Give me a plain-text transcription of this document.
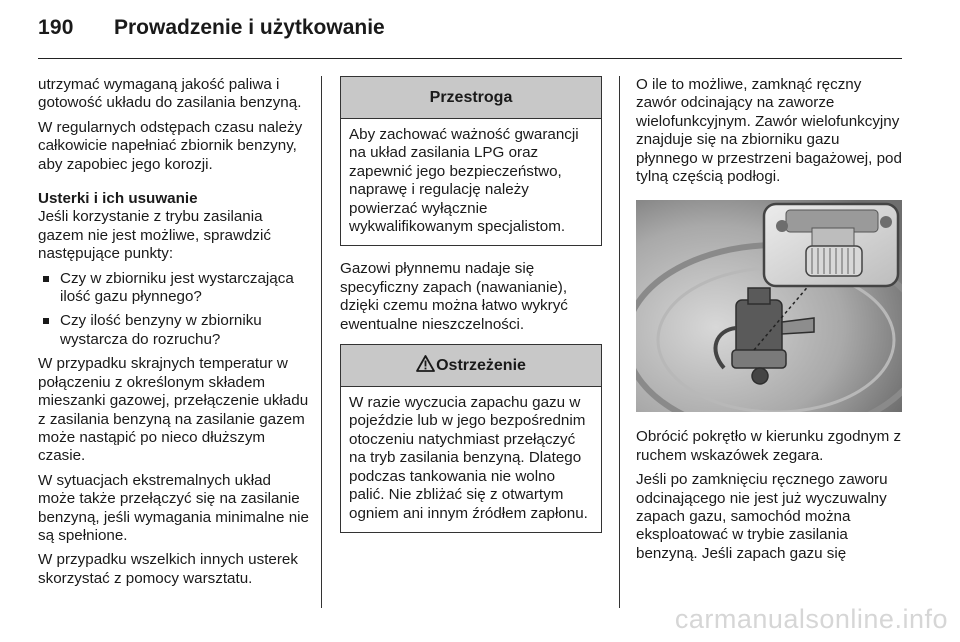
190 Prowadzenie i użytkowanie

utrzymać wymaganą jakość paliwa i gotowość układu do zasilania benzyną.

W regularnych odstępach czasu należy całkowicie napełniać zbiornik benzyny, aby zapobiec jego korozji.

Usterki i ich usuwanie

Jeśli korzystanie z trybu zasilania gazem nie jest możliwe, sprawdzić następujące punkty:

Czy w zbiorniku jest wystarczająca ilość gazu płynnego?
Czy ilość benzyny w zbiorniku wystarcza do rozruchu?

W przypadku skrajnych temperatur w połączeniu z określonym składem mieszanki gazowej, przełączenie układu z zasilania benzyną na zasilanie gazem może nastąpić po nieco dłuższym czasie.

W sytuacjach ekstremalnych układ może także przełączyć się na zasilanie benzyną, jeśli wymagania minimalne nie są spełnione.

W przypadku wszelkich innych usterek skorzystać z pomocy warsztatu.

Przestroga
Aby zachować ważność gwarancji na układ zasilania LPG oraz zapewnić jego bezpieczeństwo, naprawę i regulację należy powierzać wyłącznie wykwalifikowanym specjalistom.

Gazowi płynnemu nadaje się specyficzny zapach (nawanianie), dzięki czemu można łatwo wykryć ewentualne nieszczelności.

Ostrzeżenie
W razie wyczucia zapachu gazu w pojeździe lub w jego bezpośrednim otoczeniu natychmiast przełączyć na tryb zasilania benzyną. Dlatego podczas tankowania nie wolno palić. Nie zbliżać się z otwartym ogniem ani innym źródłem zapłonu.

O ile to możliwe, zamknąć ręczny zawór odcinający na zaworze wielofunkcyjnym. Zawór wielofunkcyjny znajduje się na zbiorniku gazu płynnego w przestrzeni bagażowej, pod tylną częścią podłogi.

Obrócić pokrętło w kierunku zgodnym z ruchem wskazówek zegara.

Jeśli po zamknięciu ręcznego zaworu odcinającego nie jest już wyczuwalny zapach gazu, samochód można eksploatować w trybie zasilania benzyną. Jeśli zapach gazu się

carmanualsonline.info
